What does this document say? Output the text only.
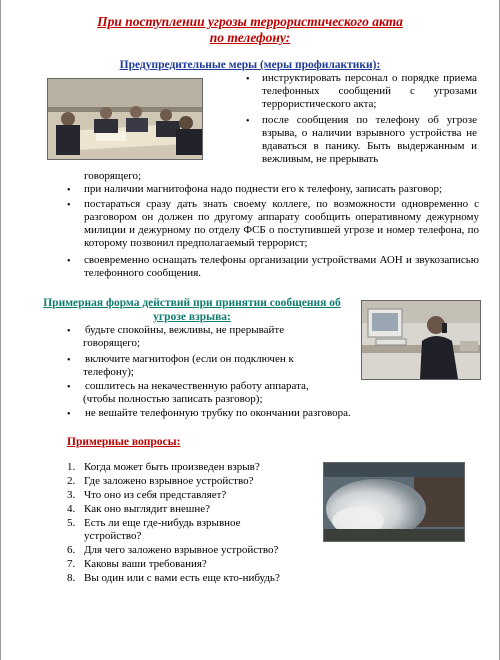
При поступлении угрозы террористического акта
по телефону:
Предупредительные меры (меры профилактики):
•	инструктировать персонал о порядке приема телефонных сообщений с угрозами террористического акта;
•	после сообщения по телефону об угрозе взрыва, о наличии взрывного устройства не вдаваться в панику. Быть выдержанным и вежливым, не прерывать
говорящего;
•	при наличии магнитофона надо поднести его к телефону, записать разговор;
•	постараться сразу дать знать своему коллеге, по возможности одновременно с разговором он должен по другому аппарату сообщить оперативному дежурному милиции и дежурному по отделу ФСБ о поступившей угрозе и номер телефона, по которому позвонил предполагаемый террорист;
•	своевременно оснащать телефоны организации устройствами АОН и звукозаписью телефонного сообщения.
Примерная форма действий при принятии сообщения об
угрозе взрыва:
•	будьте спокойны, вежливы, не прерывайте
говорящего;
•	включите магнитофон (если он подключен к
телефону);
•	сошлитесь на некачественную работу аппарата,
(чтобы полностью записать разговор);
•	не вешайте телефонную трубку по окончании разговора.
Примерные вопросы:
1. Когда может быть произведен взрыв?
2. Где заложено взрывное устройство?
3. Что оно из себя представляет?
4. Как оно выглядит внешне?
5. Есть ли еще где-нибудь взрывное
устройство?
6. Для чего заложено взрывное устройство?
7. Каковы ваши требования?
8. Вы один или с вами есть еще кто-нибудь?
